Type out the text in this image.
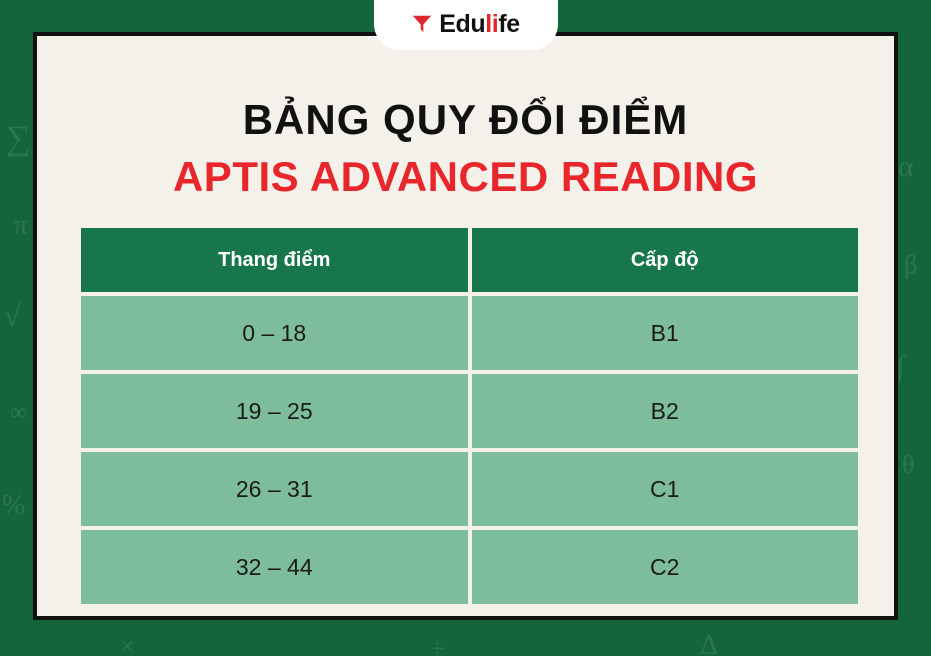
∑
π
√
∞
%
α
β
∫
θ
×	÷	Δ
BẢNG QUY ĐỔI ĐIỂM
APTIS ADVANCED READING
Thang điểm	Cấp độ
0 – 18	B1
19 – 25	B2
26 – 31	C1
32 – 44	C2
Edulife
